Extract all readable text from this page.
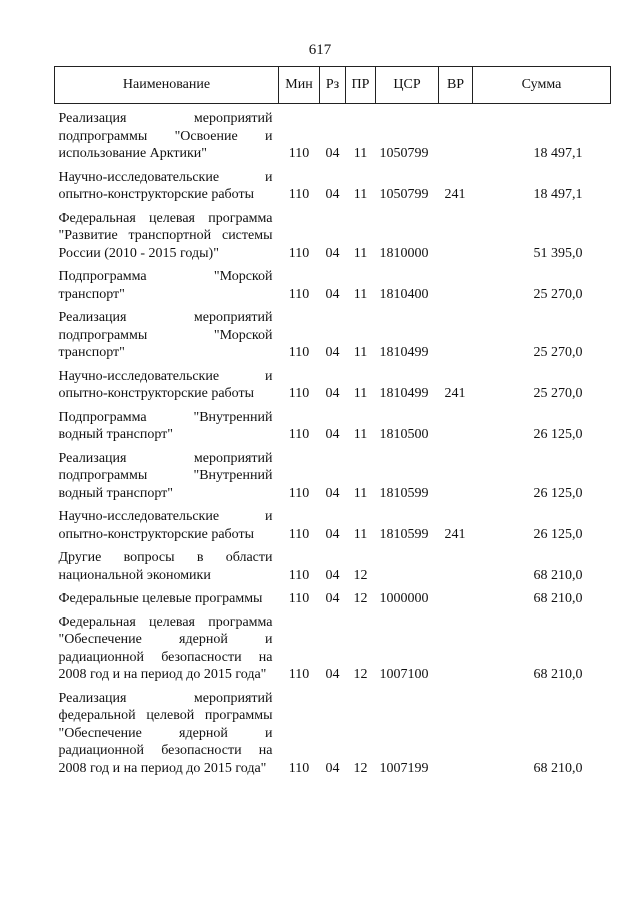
617
Наименование	Мин	Рз	ПР	ЦСР	ВР	Сумма
Реализация мероприятий подпрограммы "Освоение и использование Арктики"	110	04	11	1050799		18 497,1
Научно-исследовательские и опытно-конструкторские работы	110	04	11	1050799	241	18 497,1
Федеральная целевая программа "Развитие транспортной системы России (2010 - 2015 годы)"	110	04	11	1810000		51 395,0
Подпрограмма "Морской транспорт"	110	04	11	1810400		25 270,0
Реализация мероприятий подпрограммы "Морской транспорт"	110	04	11	1810499		25 270,0
Научно-исследовательские и опытно-конструкторские работы	110	04	11	1810499	241	25 270,0
Подпрограмма "Внутренний водный транспорт"	110	04	11	1810500		26 125,0
Реализация мероприятий подпрограммы "Внутренний водный транспорт"	110	04	11	1810599		26 125,0
Научно-исследовательские и опытно-конструкторские работы	110	04	11	1810599	241	26 125,0
Другие вопросы в области национальной экономики	110	04	12			68 210,0
Федеральные целевые программы	110	04	12	1000000		68 210,0
Федеральная целевая программа "Обеспечение ядерной и радиационной безопасности на 2008 год и на период до 2015 года"	110	04	12	1007100		68 210,0
Реализация мероприятий федеральной целевой программы "Обеспечение ядерной и радиационной безопасности на 2008 год и на период до 2015 года"	110	04	12	1007199		68 210,0
